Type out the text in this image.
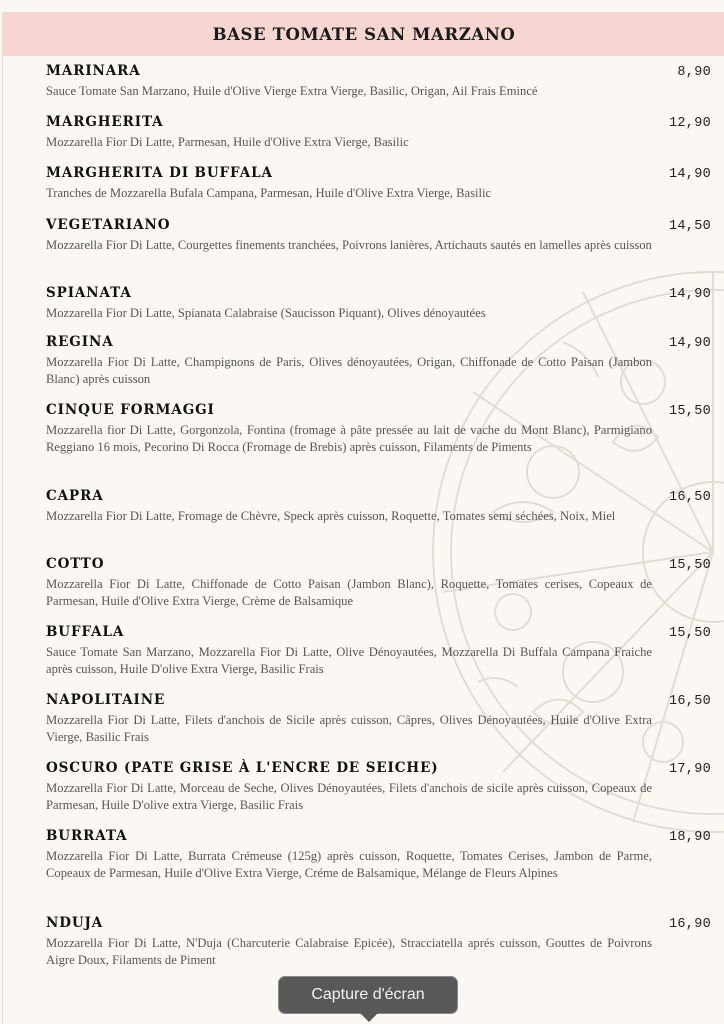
BASE TOMATE SAN MARZANO
MARINARA
Sauce Tomate San Marzano, Huile d'Olive Vierge Extra Vierge, Basilic, Origan, Ail Frais Emincé
8,90
MARGHERITA
Mozzarella Fior Di Latte, Parmesan, Huile d'Olive Extra Vierge, Basilic
12,90
MARGHERITA DI BUFFALA
Tranches de Mozzarella Bufala Campana, Parmesan, Huile d'Olive Extra Vierge, Basilic
14,90
VEGETARIANO
Mozzarella Fior Di Latte, Courgettes finements tranchées, Poivrons lanières, Artichauts sautés en lamelles après cuisson
14,50
SPIANATA
Mozzarella Fior Di Latte, Spianata Calabraise (Saucisson Piquant), Olives dénoyautées
14,90
REGINA
Mozzarella Fior Di Latte, Champignons de Paris, Olives dénoyautées, Origan, Chiffonade de Cotto Paisan (Jambon Blanc) après cuisson
14,90
CINQUE FORMAGGI
Mozzarella fior Di Latte, Gorgonzola, Fontina (fromage à pâte pressée au lait de vache du Mont Blanc), Parmigiano Reggiano 16 mois, Pecorino Di Rocca (Fromage de Brebis) après cuisson, Filaments de Piments
15,50
CAPRA
Mozzarella Fior Di Latte, Fromage de Chèvre, Speck après cuisson, Roquette, Tomates semi séchées, Noix, Miel
16,50
COTTO
Mozzarella Fior Di Latte, Chiffonade de Cotto Paisan (Jambon Blanc), Roquette, Tomates cerises, Copeaux de Parmesan, Huile d'Olive Extra Vierge, Crème de Balsamique
15,50
BUFFALA
Sauce Tomate San Marzano, Mozzarella Fior Di Latte, Olive Dénoyautées, Mozzarella Di Buffala Campana Fraiche après cuisson, Huile D'olive Extra Vierge, Basilic Frais
15,50
NAPOLITAINE
Mozzarella Fior Di Latte, Filets d'anchois de Sicile après cuisson, Câpres, Olives Dénoyautées, Huile d'Olive Extra Vierge, Basilic Frais
16,50
OSCURO (PATE GRISE À L'ENCRE DE SEICHE)
Mozzarella Fior Di Latte, Morceau de Seche, Olives Dénoyautées, Filets d'anchois de sicile après cuisson, Copeaux de Parmesan, Huile D'olive extra Vierge, Basilic Frais
17,90
BURRATA
Mozzarella Fior Di Latte, Burrata Crémeuse (125g) après cuisson, Roquette, Tomates Cerises, Jambon de Parme, Copeaux de Parmesan, Huile d'Olive Extra Vierge, Créme de Balsamique, Mélange de Fleurs Alpines
18,90
NDUJA
Mozzarella Fior Di Latte, N'Duja (Charcuterie Calabraise Epicée), Stracciatella aprés cuisson, Gouttes de Poivrons Aigre Doux, Filaments de Piment
16,90
Capture d'écran
